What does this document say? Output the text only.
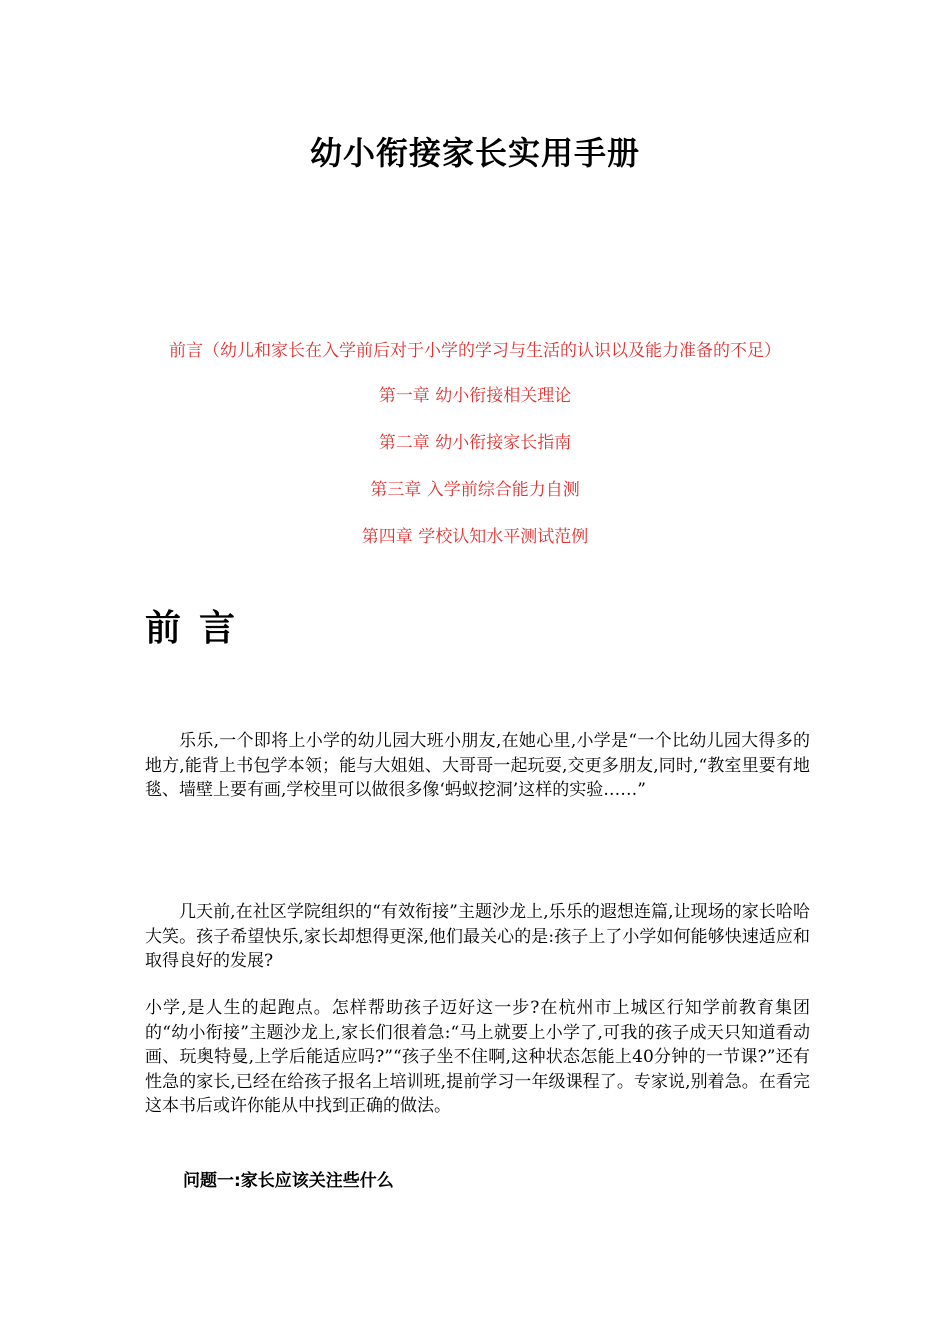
幼小衔接家长实用手册
前言（幼儿和家长在入学前后对于小学的学习与生活的认识以及能力准备的不足）
第一章 幼小衔接相关理论
第二章 幼小衔接家长指南
第三章 入学前综合能力自测
第四章 学校认知水平测试范例
前言

乐乐,一个即将上小学的幼儿园大班小朋友,在她心里,小学是“一个比幼儿园大得多的地方,能背上书包学本领；能与大姐姐、大哥哥一起玩耍,交更多朋友,同时,“教室里要有地毯、墙壁上要有画,学校里可以做很多像‘蚂蚁挖洞’这样的实验……”

几天前,在社区学院组织的“有效衔接”主题沙龙上,乐乐的遐想连篇,让现场的家长哈哈大笑。孩子希望快乐,家长却想得更深,他们最关心的是:孩子上了小学如何能够快速适应和取得良好的发展?

小学,是人生的起跑点。怎样帮助孩子迈好这一步?在杭州市上城区行知学前教育集团的“幼小衔接”主题沙龙上,家长们很着急:“马上就要上小学了,可我的孩子成天只知道看动画、玩奥特曼,上学后能适应吗?”“孩子坐不住啊,这种状态怎能上40分钟的一节课?”还有性急的家长,已经在给孩子报名上培训班,提前学习一年级课程了。专家说,别着急。在看完这本书后或许你能从中找到正确的做法。

问题一:家长应该关注些什么
